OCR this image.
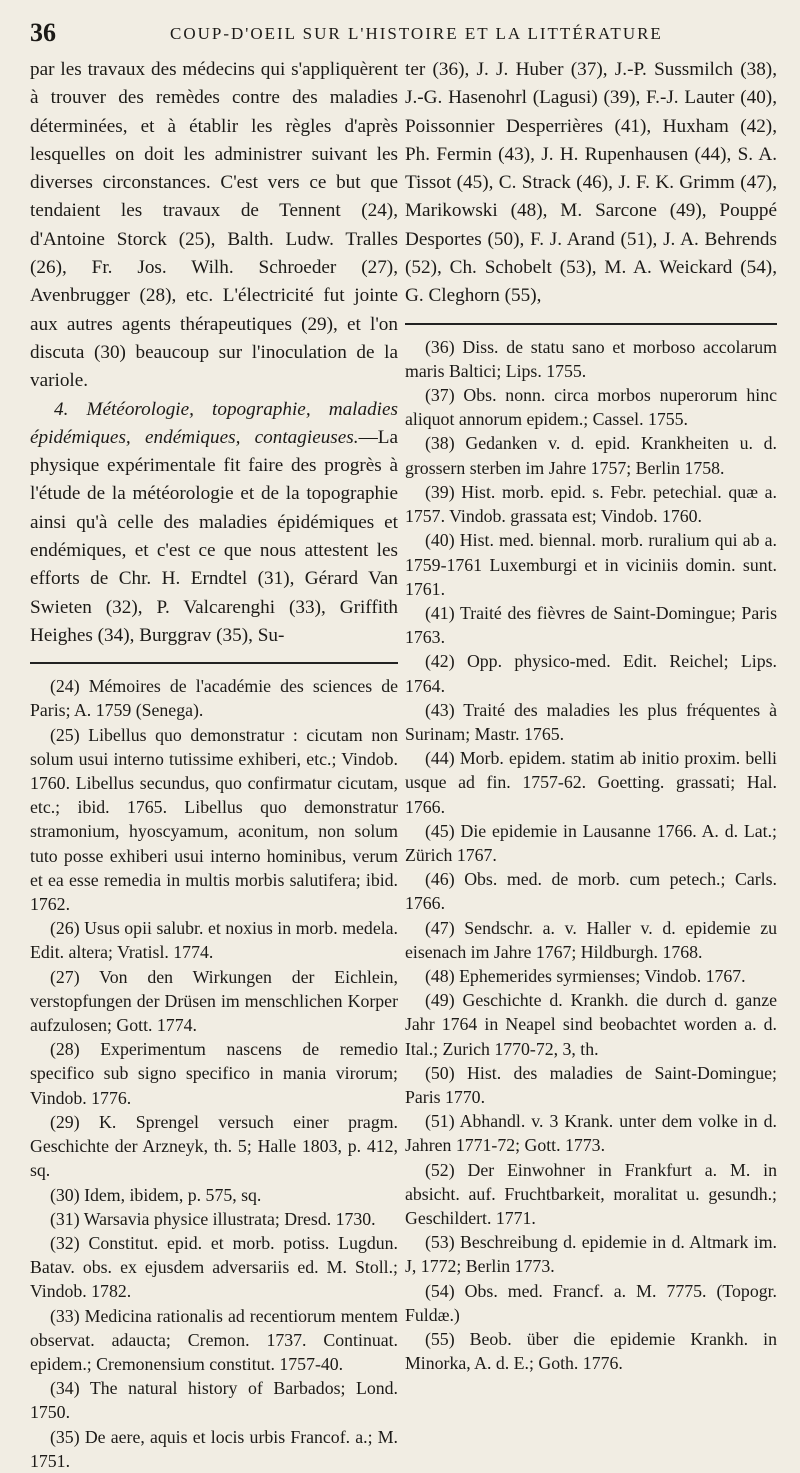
36	COUP-D'OEIL SUR L'HISTOIRE ET LA LITTÉRATURE

par les travaux des médecins qui s'appliquèrent à trouver des remèdes contre des maladies déterminées, et à établir les règles d'après lesquelles on doit les administrer suivant les diverses circonstances. C'est vers ce but que tendaient les travaux de Tennent (24), d'Antoine Storck (25), Balth. Ludw. Tralles (26), Fr. Jos. Wilh. Schroeder (27), Avenbrugger (28), etc. L'électricité fut jointe aux autres agents thérapeutiques (29), et l'on discuta (30) beaucoup sur l'inoculation de la variole.

4. Météorologie, topographie, maladies épidémiques, endémiques, contagieuses.—La physique expérimentale fit faire des progrès à l'étude de la météorologie et de la topographie ainsi qu'à celle des maladies épidémiques et endémiques, et c'est ce que nous attestent les efforts de Chr. H. Erndtel (31), Gérard Van Swieten (32), P. Valcarenghi (33), Griffith Heighes (34), Burggrav (35), Su-

(24) Mémoires de l'académie des sciences de Paris; A. 1759 (Senega).

(25) Libellus quo demonstratur : cicutam non solum usui interno tutissime exhiberi, etc.; Vindob. 1760. Libellus secundus, quo confirmatur cicutam, etc.; ibid. 1765. Libellus quo demonstratur stramonium, hyoscyamum, aconitum, non solum tuto posse exhiberi usui interno hominibus, verum et ea esse remedia in multis morbis salutifera; ibid. 1762.

(26) Usus opii salubr. et noxius in morb. medela. Edit. altera; Vratisl. 1774.

(27) Von den Wirkungen der Eichlein, verstopfungen der Drüsen im menschlichen Korper aufzulosen; Gott. 1774.

(28) Experimentum nascens de remedio specifico sub signo specifico in mania virorum; Vindob. 1776.

(29) K. Sprengel versuch einer pragm. Geschichte der Arzneyk, th. 5; Halle 1803, p. 412, sq.

(30) Idem, ibidem, p. 575, sq.

(31) Warsavia physice illustrata; Dresd. 1730.

(32) Constitut. epid. et morb. potiss. Lugdun. Batav. obs. ex ejusdem adversariis ed. M. Stoll.; Vindob. 1782.

(33) Medicina rationalis ad recentiorum mentem observat. adaucta; Cremon. 1737. Continuat. epidem.; Cremonensium constitut. 1757-40.

(34) The natural history of Barbados; Lond. 1750.

(35) De aere, aquis et locis urbis Francof. a.; M. 1751.

ter (36), J. J. Huber (37), J.-P. Sussmilch (38), J.-G. Hasenohrl (Lagusi) (39), F.-J. Lauter (40), Poissonnier Desperrières (41), Huxham (42), Ph. Fermin (43), J. H. Rupenhausen (44), S. A. Tissot (45), C. Strack (46), J. F. K. Grimm (47), Marikowski (48), M. Sarcone (49), Pouppé Desportes (50), F. J. Arand (51), J. A. Behrends (52), Ch. Schobelt (53), M. A. Weickard (54), G. Cleghorn (55),

(36) Diss. de statu sano et morboso accolarum maris Baltici; Lips. 1755.

(37) Obs. nonn. circa morbos nuperorum hinc aliquot annorum epidem.; Cassel. 1755.

(38) Gedanken v. d. epid. Krankheiten u. d. grossern sterben im Jahre 1757; Berlin 1758.

(39) Hist. morb. epid. s. Febr. petechial. quæ a. 1757. Vindob. grassata est; Vindob. 1760.

(40) Hist. med. biennal. morb. ruralium qui ab a. 1759-1761 Luxemburgi et in viciniis domin. sunt. 1761.

(41) Traité des fièvres de Saint-Domingue; Paris 1763.

(42) Opp. physico-med. Edit. Reichel; Lips. 1764.

(43) Traité des maladies les plus fréquentes à Surinam; Mastr. 1765.

(44) Morb. epidem. statim ab initio proxim. belli usque ad fin. 1757-62. Goetting. grassati; Hal. 1766.

(45) Die epidemie in Lausanne 1766. A. d. Lat.; Zürich 1767.

(46) Obs. med. de morb. cum petech.; Carls. 1766.

(47) Sendschr. a. v. Haller v. d. epidemie zu eisenach im Jahre 1767; Hildburgh. 1768.

(48) Ephemerides syrmienses; Vindob. 1767.

(49) Geschichte d. Krankh. die durch d. ganze Jahr 1764 in Neapel sind beobachtet worden a. d. Ital.; Zurich 1770-72, 3, th.

(50) Hist. des maladies de Saint-Domingue; Paris 1770.

(51) Abhandl. v. 3 Krank. unter dem volke in d. Jahren 1771-72; Gott. 1773.

(52) Der Einwohner in Frankfurt a. M. in absicht. auf. Fruchtbarkeit, moralitat u. gesundh.; Geschildert. 1771.

(53) Beschreibung d. epidemie in d. Altmark im. J, 1772; Berlin 1773.

(54) Obs. med. Francf. a. M. 7775. (Topogr. Fuldæ.)

(55) Beob. über die epidemie Krankh. in Minorka, A. d. E.; Goth. 1776.
